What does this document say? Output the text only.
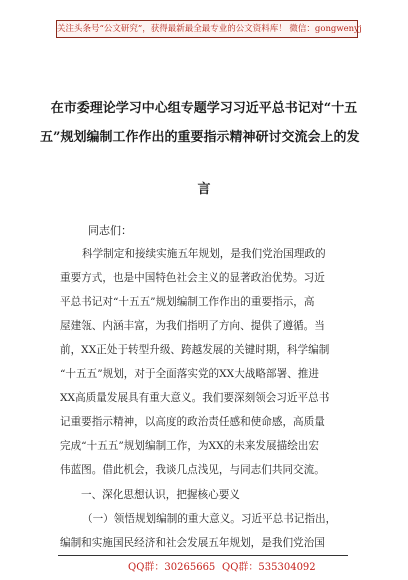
关注头条号“公文研究”，获得最新最全最专业的公文资料库！ 微信：gongwenyj
在市委理论学习中心组专题学习习近平总书记对“十五
五”规划编制工作作出的重要指示精神研讨交流会上的发
言
同志们：
科学制定和接续实施五年规划，是我们党治国理政的
重要方式，也是中国特色社会主义的显著政治优势。习近
平总书记对“十五五”规划编制工作作出的重要指示，高
屋建瓴、内涵丰富，为我们指明了方向、提供了遵循。当
前，XX正处于转型升级、跨越发展的关键时期，科学编制
“十五五”规划，对于全面落实党的XX大战略部署、推进
XX高质量发展具有重大意义。我们要深刻领会习近平总书
记重要指示精神，以高度的政治责任感和使命感，高质量
完成“十五五”规划编制工作，为XX的未来发展描绘出宏
伟蓝图。借此机会，我谈几点浅见，与同志们共同交流。
一、深化思想认识，把握核心要义
（一）领悟规划编制的重大意义。习近平总书记指出，
编制和实施国民经济和社会发展五年规划，是我们党治国
QQ群：30265665 QQ群：535304092
